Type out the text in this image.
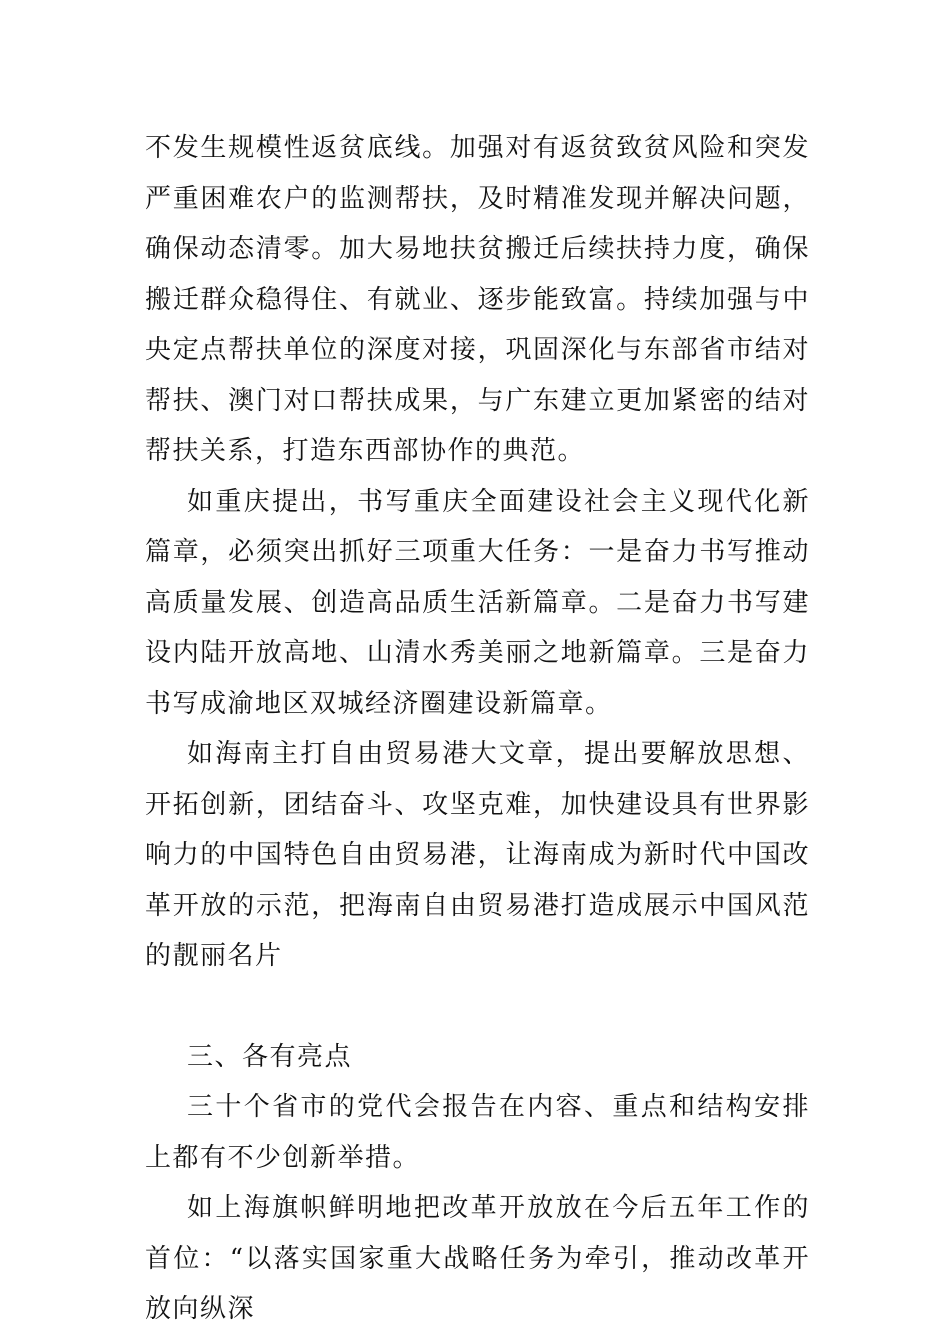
不发生规模性返贫底线。加强对有返贫致贫风险和突发严重困难农户的监测帮扶，及时精准发现并解决问题，确保动态清零。加大易地扶贫搬迁后续扶持力度，确保搬迁群众稳得住、有就业、逐步能致富。持续加强与中央定点帮扶单位的深度对接，巩固深化与东部省市结对帮扶、澳门对口帮扶成果，与广东建立更加紧密的结对帮扶关系，打造东西部协作的典范。

如重庆提出，书写重庆全面建设社会主义现代化新篇章，必须突出抓好三项重大任务：一是奋力书写推动高质量发展、创造高品质生活新篇章。二是奋力书写建设内陆开放高地、山清水秀美丽之地新篇章。三是奋力书写成渝地区双城经济圈建设新篇章。

如海南主打自由贸易港大文章，提出要解放思想、开拓创新，团结奋斗、攻坚克难，加快建设具有世界影响力的中国特色自由贸易港，让海南成为新时代中国改革开放的示范，把海南自由贸易港打造成展示中国风范的靓丽名片

三、各有亮点

三十个省市的党代会报告在内容、重点和结构安排上都有不少创新举措。

如上海旗帜鲜明地把改革开放放在今后五年工作的首位：“以落实国家重大战略任务为牵引，推动改革开放向纵深
